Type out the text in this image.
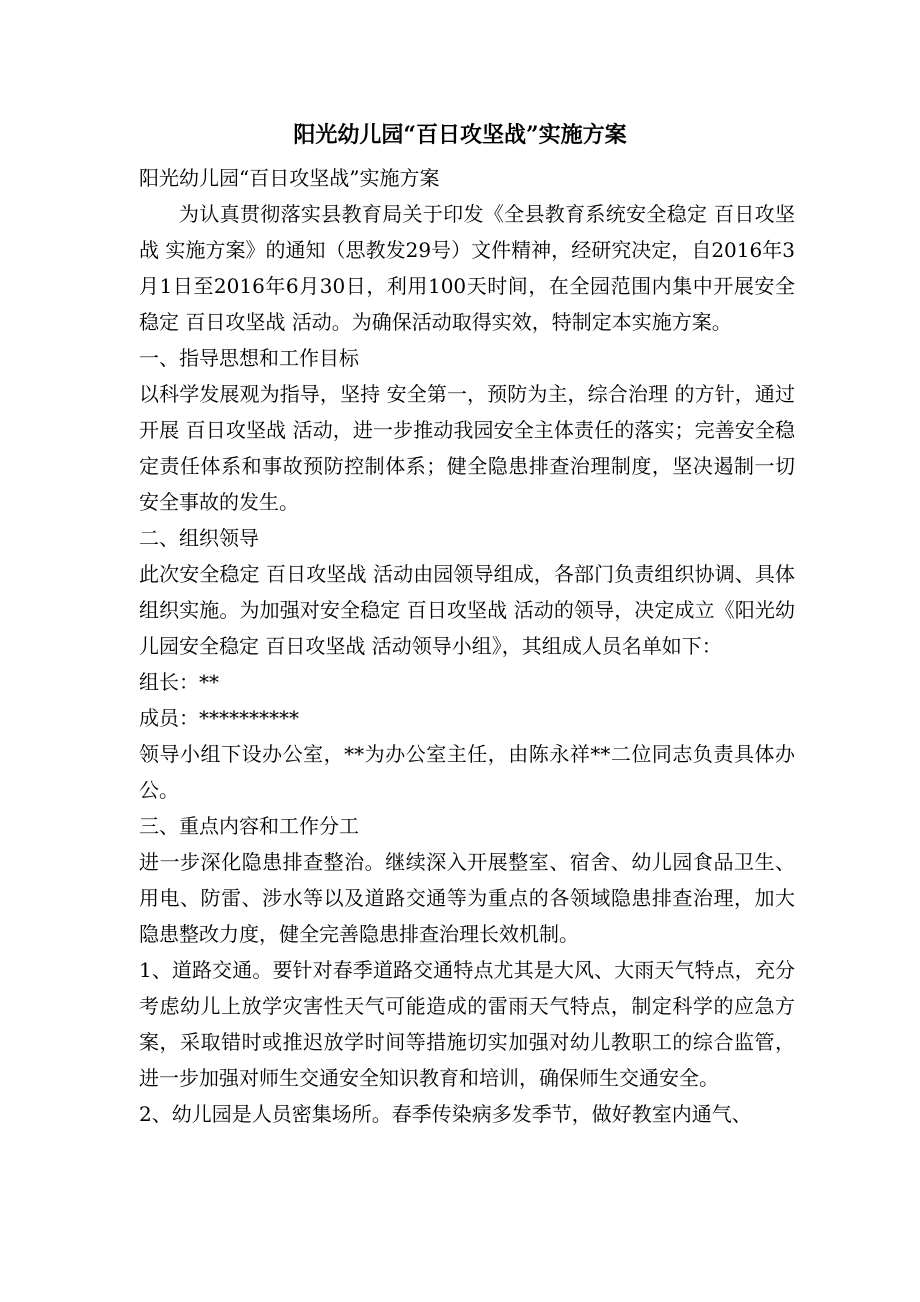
阳光幼儿园“百日攻坚战”实施方案

阳光幼儿园“百日攻坚战”实施方案

为认真贯彻落实县教育局关于印发《全县教育系统安全稳定 百日攻坚战 实施方案》的通知（思教发29号）文件精神，经研究决定，自2016年3月1日至2016年6月30日，利用100天时间，在全园范围内集中开展安全稳定 百日攻坚战 活动。为确保活动取得实效，特制定本实施方案。

一、指导思想和工作目标

以科学发展观为指导，坚持 安全第一，预防为主，综合治理 的方针，通过开展 百日攻坚战 活动，进一步推动我园安全主体责任的落实；完善安全稳定责任体系和事故预防控制体系；健全隐患排查治理制度，坚决遏制一切安全事故的发生。

二、组织领导

此次安全稳定 百日攻坚战 活动由园领导组成，各部门负责组织协调、具体组织实施。为加强对安全稳定 百日攻坚战 活动的领导，决定成立《阳光幼儿园安全稳定 百日攻坚战 活动领导小组》，其组成人员名单如下：

组长：**

成员：**********

领导小组下设办公室，**为办公室主任，由陈永祥**二位同志负责具体办公。

三、重点内容和工作分工

进一步深化隐患排查整治。继续深入开展整室、宿舍、幼儿园食品卫生、用电、防雷、涉水等以及道路交通等为重点的各领域隐患排查治理，加大隐患整改力度，健全完善隐患排查治理长效机制。

1、道路交通。要针对春季道路交通特点尤其是大风、大雨天气特点，充分考虑幼儿上放学灾害性天气可能造成的雷雨天气特点，制定科学的应急方案，采取错时或推迟放学时间等措施切实加强对幼儿教职工的综合监管，进一步加强对师生交通安全知识教育和培训，确保师生交通安全。

2、幼儿园是人员密集场所。春季传染病多发季节，做好教室内通气、
